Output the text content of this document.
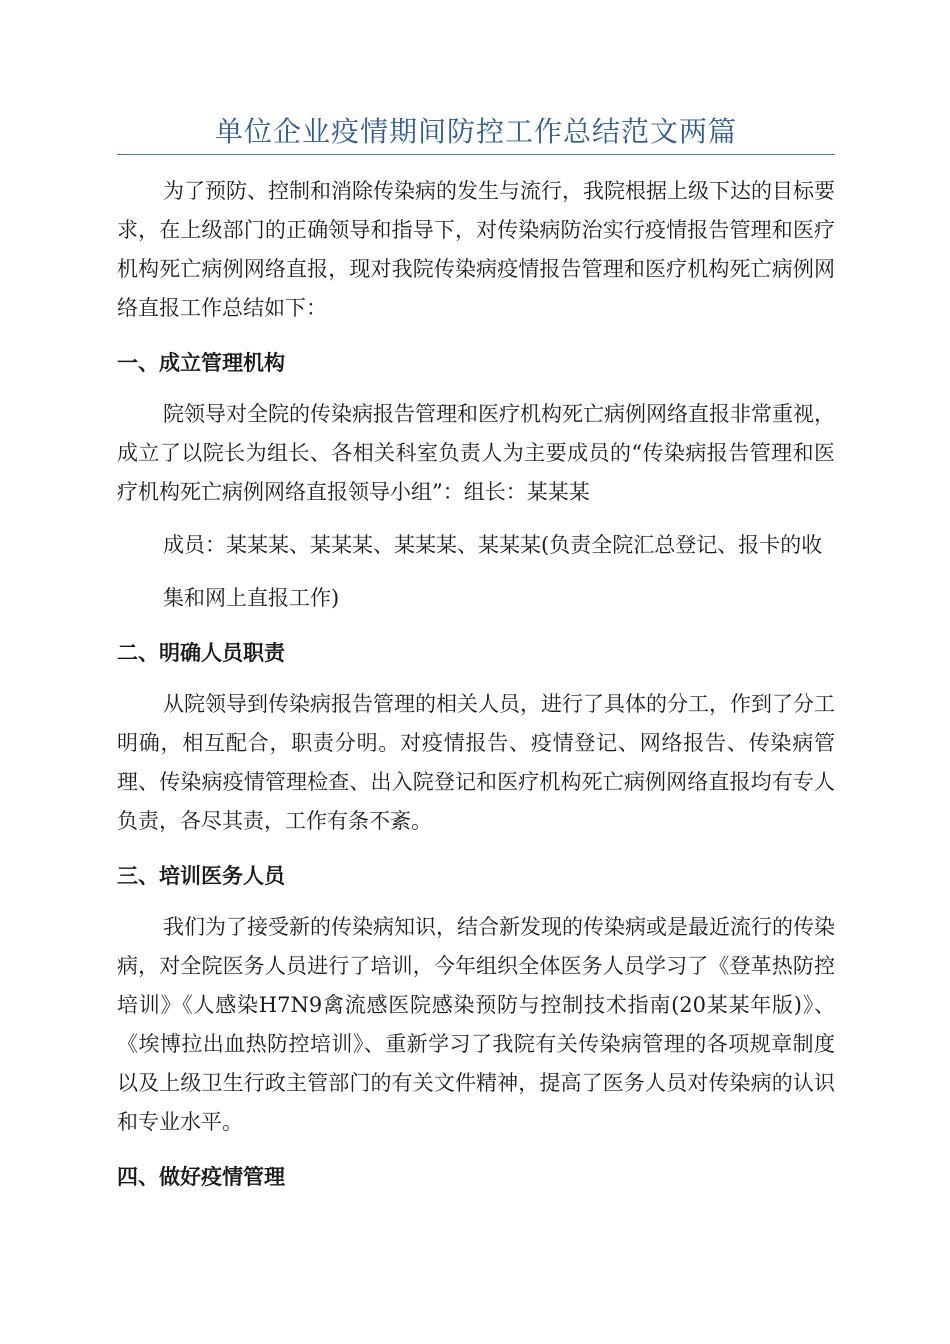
单位企业疫情期间防控工作总结范文两篇

为了预防、控制和消除传染病的发生与流行，我院根据上级下达的目标要求，在上级部门的正确领导和指导下，对传染病防治实行疫情报告管理和医疗机构死亡病例网络直报，现对我院传染病疫情报告管理和医疗机构死亡病例网络直报工作总结如下：

一、成立管理机构

院领导对全院的传染病报告管理和医疗机构死亡病例网络直报非常重视，成立了以院长为组长、各相关科室负责人为主要成员的“传染病报告管理和医疗机构死亡病例网络直报领导小组”：组长：某某某

成员：某某某、某某某、某某某、某某某(负责全院汇总登记、报卡的收

集和网上直报工作)

二、明确人员职责

从院领导到传染病报告管理的相关人员，进行了具体的分工，作到了分工明确，相互配合，职责分明。对疫情报告、疫情登记、网络报告、传染病管理、传染病疫情管理检查、出入院登记和医疗机构死亡病例网络直报均有专人负责，各尽其责，工作有条不紊。

三、培训医务人员

我们为了接受新的传染病知识，结合新发现的传染病或是最近流行的传染病，对全院医务人员进行了培训，今年组织全体医务人员学习了《登革热防控培训》《人感染H7N9禽流感医院感染预防与控制技术指南(20某某年版)》、《埃博拉出血热防控培训》、重新学习了我院有关传染病管理的各项规章制度以及上级卫生行政主管部门的有关文件精神，提高了医务人员对传染病的认识和专业水平。

四、做好疫情管理
